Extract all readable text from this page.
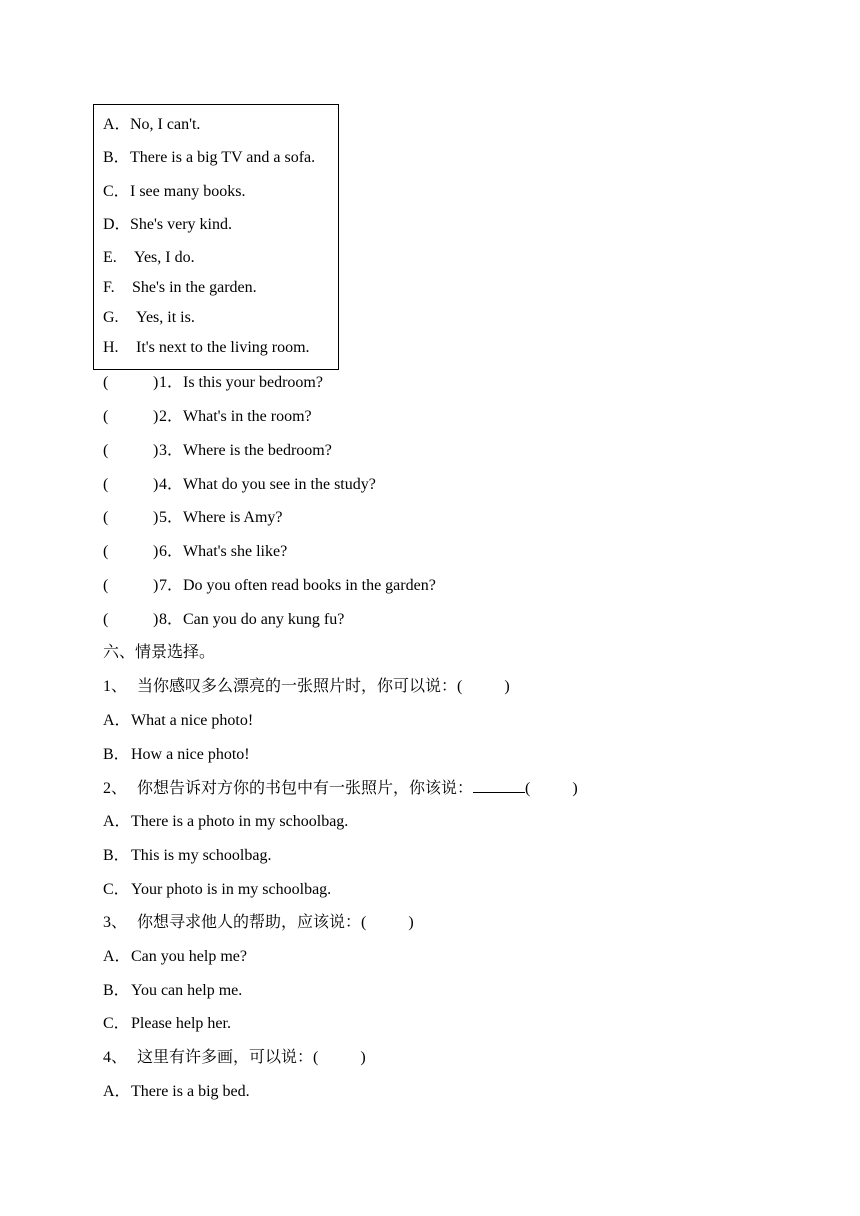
A．No, I can't.
B．There is a big TV and a sofa.
C．I see many books.
D．She's very kind.
E. Yes, I do.
F. She's in the garden.
G. Yes, it is.
H. It's next to the living room.
(	) 1． Is this your bedroom?
(	) 2． What's in the room?
(	) 3． Where is the bedroom?
(	) 4． What do you see in the study?
(	) 5． Where is Amy?
(	) 6． What's she like?
(	) 7． Do you often read books in the garden?
(	) 8． Can you do any kung fu?
六、情景选择。
1、 当你感叹多么漂亮的一张照片时，你可以说：(	)
A．What a nice photo!
B．How a nice photo!
2、 你想告诉对方你的书包中有一张照片，你该说：	(	)
A．There is a photo in my schoolbag.
B．This is my schoolbag.
C．Your photo is in my schoolbag.
3、 你想寻求他人的帮助，应该说：(	)
A．Can you help me?
B．You can help me.
C．Please help her.
4、 这里有许多画，可以说：(	)
A．There is a big bed.
